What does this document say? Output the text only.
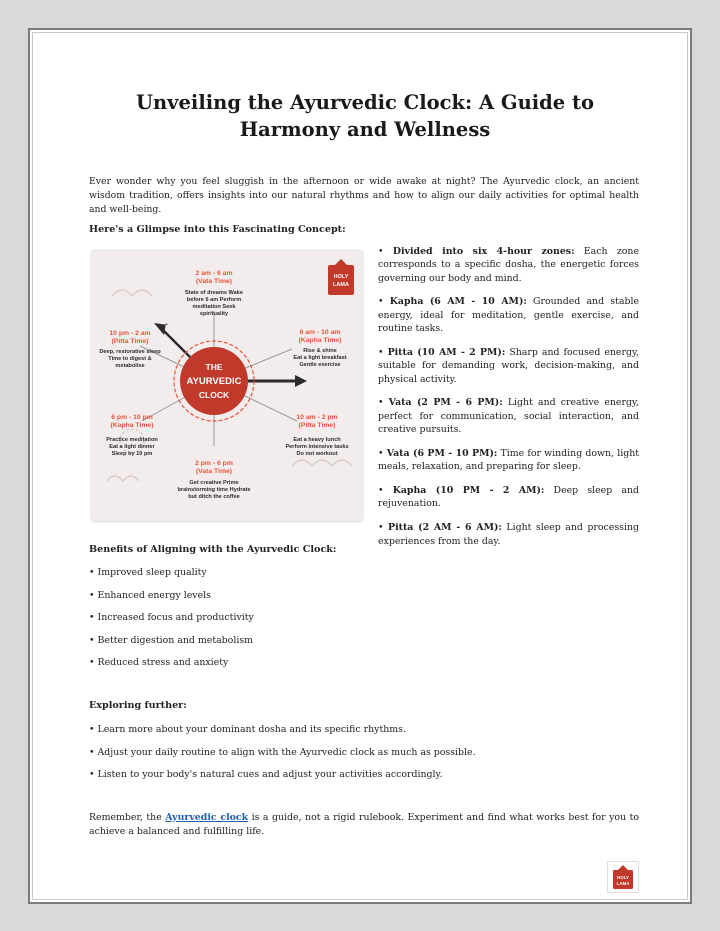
Unveiling the Ayurvedic Clock: A Guide to Harmony and Wellness

Ever wonder why you feel sluggish in the afternoon or wide awake at night? The Ayurvedic clock, an ancient wisdom tradition, offers insights into our natural rhythms and how to align our daily activities for optimal health and well-being.

Here's a Glimpse into this Fascinating Concept:
THE
AYURVEDIC
CLOCK
HOLY
LAMA
2 am - 6 am
(Vata Time)
State of dreams Wake
before 6 am Perform
meditation Seek
spirituality
6 am - 10 am
(Kapha Time)
Rise & shine
Eat a light breakfast
Gentle exercise
10 am - 2 pm
(Pitta Time)
Eat a heavy lunch
Perform intensive tasks
Do not workout
2 pm - 6 pm
(Vata Time)
Get creative Prime
brainstorming time Hydrate
but ditch the coffee
6 pm - 10 pm
(Kapha Time)
Practice meditation
Eat a light dinner
Sleep by 10 pm
10 pm - 2 am
(Pitta Time)
Deep, restorative sleep
Time to digest &
metabolise

• Divided into six 4-hour zones: Each zone corresponds to a specific dosha, the energetic forces governing our body and mind.

• Kapha (6 AM - 10 AM): Grounded and stable energy, ideal for meditation, gentle exercise, and routine tasks.

• Pitta (10 AM - 2 PM): Sharp and focused energy, suitable for demanding work, decision-making, and physical activity.

• Vata (2 PM - 6 PM): Light and creative energy, perfect for communication, social interaction, and creative pursuits.

• Vata (6 PM - 10 PM): Time for winding down, light meals, relaxation, and preparing for sleep.

• Kapha (10 PM - 2 AM): Deep sleep and rejuvenation.

• Pitta (2 AM - 6 AM): Light sleep and processing experiences from the day.

Benefits of Aligning with the Ayurvedic Clock:

• Improved sleep quality

• Enhanced energy levels

• Increased focus and productivity

• Better digestion and metabolism

• Reduced stress and anxiety

Exploring further:

• Learn more about your dominant dosha and its specific rhythms.

• Adjust your daily routine to align with the Ayurvedic clock as much as possible.

• Listen to your body's natural cues and adjust your activities accordingly.

Remember, the Ayurvedic clock is a guide, not a rigid rulebook. Experiment and find what works best for you to achieve a balanced and fulfilling life.

HOLY
LAMA
